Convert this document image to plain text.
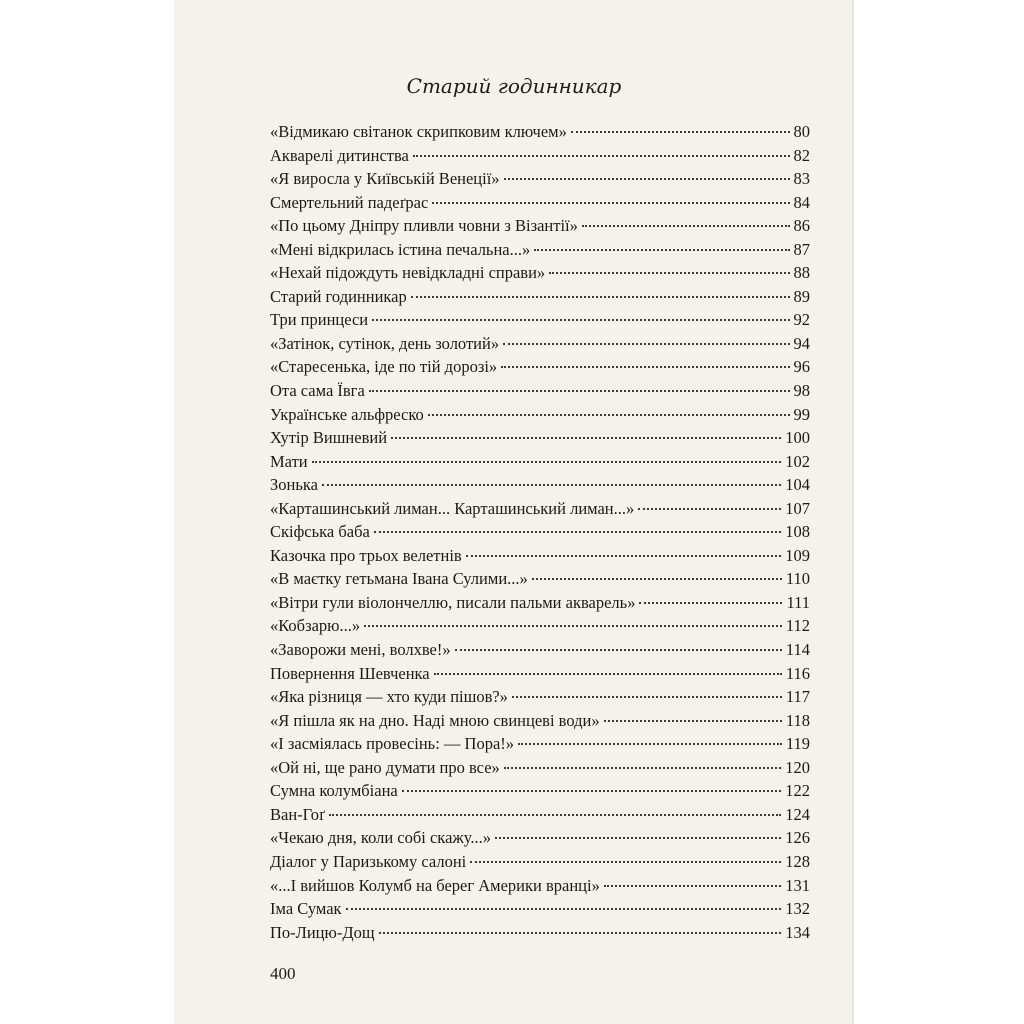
Старий годинникар
«Відмикаю світанок скрипковим ключем»	80
Акварелі дитинства	82
«Я виросла у Київській Венеції»	83
Смертельний падеґрас	84
«По цьому Дніпру пливли човни з Візантії»	86
«Мені відкрилась істина печальна...»	87
«Нехай підождуть невідкладні справи»	88
Старий годинникар	89
Три принцеси	92
«Затінок, сутінок, день золотий»	94
«Старесенька, іде по тій дорозі»	96
Ота сама Ївга	98
Українське альфреско	99
Хутір Вишневий	100
Мати	102
Зонька	104
«Карташинський лиман... Карташинський лиман...»	107
Скіфська баба	108
Казочка про трьох велетнів	109
«В маєтку гетьмана Івана Сулими...»	110
«Вітри гули віолончеллю, писали пальми акварель»	111
«Кобзарю...»	112
«Заворожи мені, волхве!»	114
Повернення Шевченка	116
«Яка різниця — хто куди пішов?»	117
«Я пішла як на дно. Наді мною свинцеві води»	118
«І засміялась провесінь: — Пора!»	119
«Ой ні, ще рано думати про все»	120
Сумна колумбіана	122
Ван-Гоґ	124
«Чекаю дня, коли собі скажу...»	126
Діалог у Паризькому салоні	128
«...І вийшов Колумб на берег Америки вранці»	131
Іма Сумак	132
По-Лицю-Дощ	134
400
